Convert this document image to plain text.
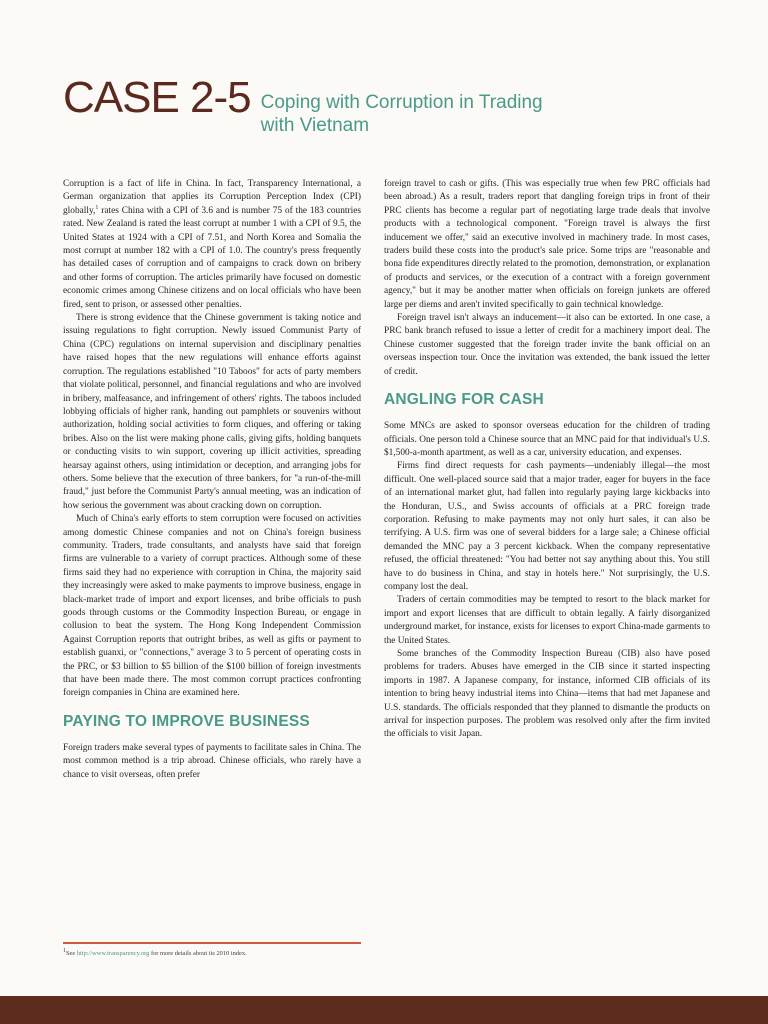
CASE 2-5 Coping with Corruption in Trading
with Vietnam

Corruption is a fact of life in China. In fact, Transparency International, a German organization that applies its Corruption Perception Index (CPI) globally,$^1$ rates China with a CPI of 3.6 and is number 75 of the 183 countries rated. New Zealand is rated the least corrupt at number 1 with a CPI of 9.5, the United States at 1924 with a CPI of 7.51, and North Korea and Somalia the most corrupt at number 182 with a CPI of 1.0. The country's press frequently has detailed cases of corruption and of campaigns to crack down on bribery and other forms of corruption. The articles primarily have focused on domestic economic crimes among Chinese citizens and on local officials who have been fired, sent to prison, or assessed other penalties.

There is strong evidence that the Chinese government is taking notice and issuing regulations to fight corruption. Newly issued Communist Party of China (CPC) regulations on internal supervision and disciplinary penalties have raised hopes that the new regulations will enhance efforts against corruption. The regulations established "10 Taboos" for acts of party members that violate political, personnel, and financial regulations and who are involved in bribery, malfeasance, and infringement of others' rights. The taboos included lobbying officials of higher rank, handing out pamphlets or souvenirs without authorization, holding social activities to form cliques, and offering or taking bribes. Also on the list were making phone calls, giving gifts, holding banquets or conducting visits to win support, covering up illicit activities, spreading hearsay against others, using intimidation or deception, and arranging jobs for others. Some believe that the execution of three bankers, for "a run-of-the-mill fraud," just before the Communist Party's annual meeting, was an indication of how serious the government was about cracking down on corruption.

Much of China's early efforts to stem corruption were focused on activities among domestic Chinese companies and not on China's foreign business community. Traders, trade consultants, and analysts have said that foreign firms are vulnerable to a variety of corrupt practices. Although some of these firms said they had no experience with corruption in China, the majority said they increasingly were asked to make payments to improve business, engage in black-market trade of import and export licenses, and bribe officials to push goods through customs or the Commodity Inspection Bureau, or engage in collusion to beat the system. The Hong Kong Independent Commission Against Corruption reports that outright bribes, as well as gifts or payment to establish guanxi, or "connections," average 3 to 5 percent of operating costs in the PRC, or $3 billion to $5 billion of the $100 billion of foreign investments that have been made there. The most common corrupt practices confronting foreign companies in China are examined here.

PAYING TO IMPROVE BUSINESS

Foreign traders make several types of payments to facilitate sales in China. The most common method is a trip abroad. Chinese officials, who rarely have a chance to visit overseas, often prefer

$^1$See http://www.transparency.org for more details about its 2010 index.

foreign travel to cash or gifts. (This was especially true when few PRC officials had been abroad.) As a result, traders report that dangling foreign trips in front of their PRC clients has become a regular part of negotiating large trade deals that involve products with a technological component. "Foreign travel is always the first inducement we offer," said an executive involved in machinery trade. In most cases, traders build these costs into the product's sale price. Some trips are "reasonable and bona fide expenditures directly related to the promotion, demonstration, or explanation of products and services, or the execution of a contract with a foreign government agency," but it may be another matter when officials on foreign junkets are offered large per diems and aren't invited specifically to gain technical knowledge.

Foreign travel isn't always an inducement—it also can be extorted. In one case, a PRC bank branch refused to issue a letter of credit for a machinery import deal. The Chinese customer suggested that the foreign trader invite the bank official on an overseas inspection tour. Once the invitation was extended, the bank issued the letter of credit.

ANGLING FOR CASH

Some MNCs are asked to sponsor overseas education for the children of trading officials. One person told a Chinese source that an MNC paid for that individual's U.S. $1,500-a-month apartment, as well as a car, university education, and expenses.

Firms find direct requests for cash payments—undeniably illegal—the most difficult. One well-placed source said that a major trader, eager for buyers in the face of an international market glut, had fallen into regularly paying large kickbacks into the Honduran, U.S., and Swiss accounts of officials at a PRC foreign trade corporation. Refusing to make payments may not only hurt sales, it can also be terrifying. A U.S. firm was one of several bidders for a large sale; a Chinese official demanded the MNC pay a 3 percent kickback. When the company representative refused, the official threatened: "You had better not say anything about this. You still have to do business in China, and stay in hotels here." Not surprisingly, the U.S. company lost the deal.

Traders of certain commodities may be tempted to resort to the black market for import and export licenses that are difficult to obtain legally. A fairly disorganized underground market, for instance, exists for licenses to export China-made garments to the United States.

Some branches of the Commodity Inspection Bureau (CIB) also have posed problems for traders. Abuses have emerged in the CIB since it started inspecting imports in 1987. A Japanese company, for instance, informed CIB officials of its intention to bring heavy industrial items into China—items that had met Japanese and U.S. standards. The officials responded that they planned to dismantle the products on arrival for inspection purposes. The problem was resolved only after the firm invited the officials to visit Japan.
